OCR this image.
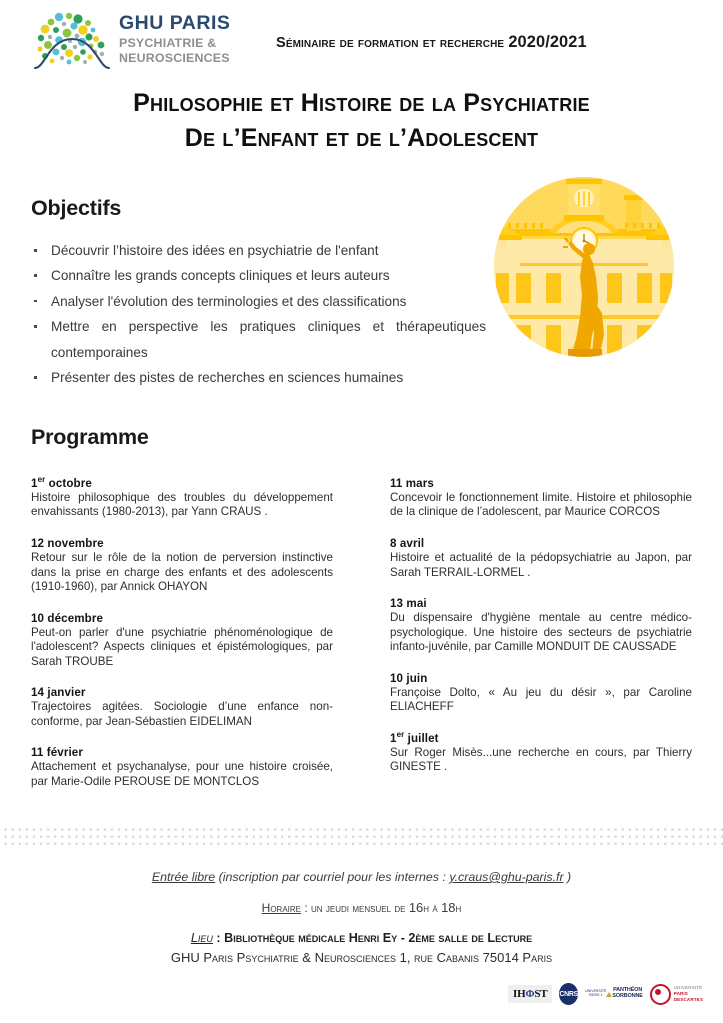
GHU PARIS
PSYCHIATRIE &
NEUROSCIENCES
Séminaire de formation et recherche 2020/2021
Philosophie et Histoire de la Psychiatrie
De l’Enfant et de l’Adolescent
Objectifs
Découvrir l’histoire des idées en psychiatrie de l'enfant
Connaître les grands concepts cliniques et leurs auteurs
Analyser l'évolution des terminologies et des classifications
Mettre en perspective les pratiques cliniques et thérapeutiques contemporaines
Présenter des pistes de recherches en sciences humaines
Programme
1er octobre
Histoire philosophique des troubles du développement envahissants (1980-2013), par Yann CRAUS .
12 novembre
Retour sur le rôle de la notion de perversion instinctive dans la prise en charge des enfants et des adolescents (1910-1960), par Annick OHAYON
10 décembre
Peut-on parler d'une psychiatrie phénoménologique de l'adolescent? Aspects cliniques et épistémologiques, par Sarah TROUBE
14 janvier
Trajectoires agitées. Sociologie d’une enfance non-conforme, par Jean-Sébastien EIDELIMAN
11 février
Attachement et psychanalyse, pour une histoire croisée, par Marie-Odile PEROUSE DE MONTCLOS
11 mars
Concevoir le fonctionnement limite. Histoire et philosophie de la clinique de l’adolescent, par Maurice CORCOS
8 avril
Histoire et actualité de la pédopsychiatrie au Japon, par Sarah TERRAIL-LORMEL .
13 mai
Du dispensaire d'hygiène mentale au centre médico-psychologique. Une histoire des secteurs de psychiatrie infanto-juvénile, par Camille MONDUIT DE CAUSSADE
10 juin
Françoise Dolto, « Au jeu du désir », par Caroline ELIACHEFF
1er juillet
Sur Roger Misès...une recherche en cours, par Thierry GINESTE .
Entrée libre (inscription par courriel pour les internes : y.craus@ghu-paris.fr )
Horaire : un jeudi mensuel de 16h à 18h
Lieu : Bibliothèque médicale Henri Ey - 2ème salle de Lecture
GHU Paris Psychiatrie & Neurosciences 1, rue Cabanis 75014 Paris
IH Φ ST CNRS UNIVERSITÉ PARIS 1
PANTHÉON SORBONNE
UNIVERSITÉ
PARIS
DESCARTES
